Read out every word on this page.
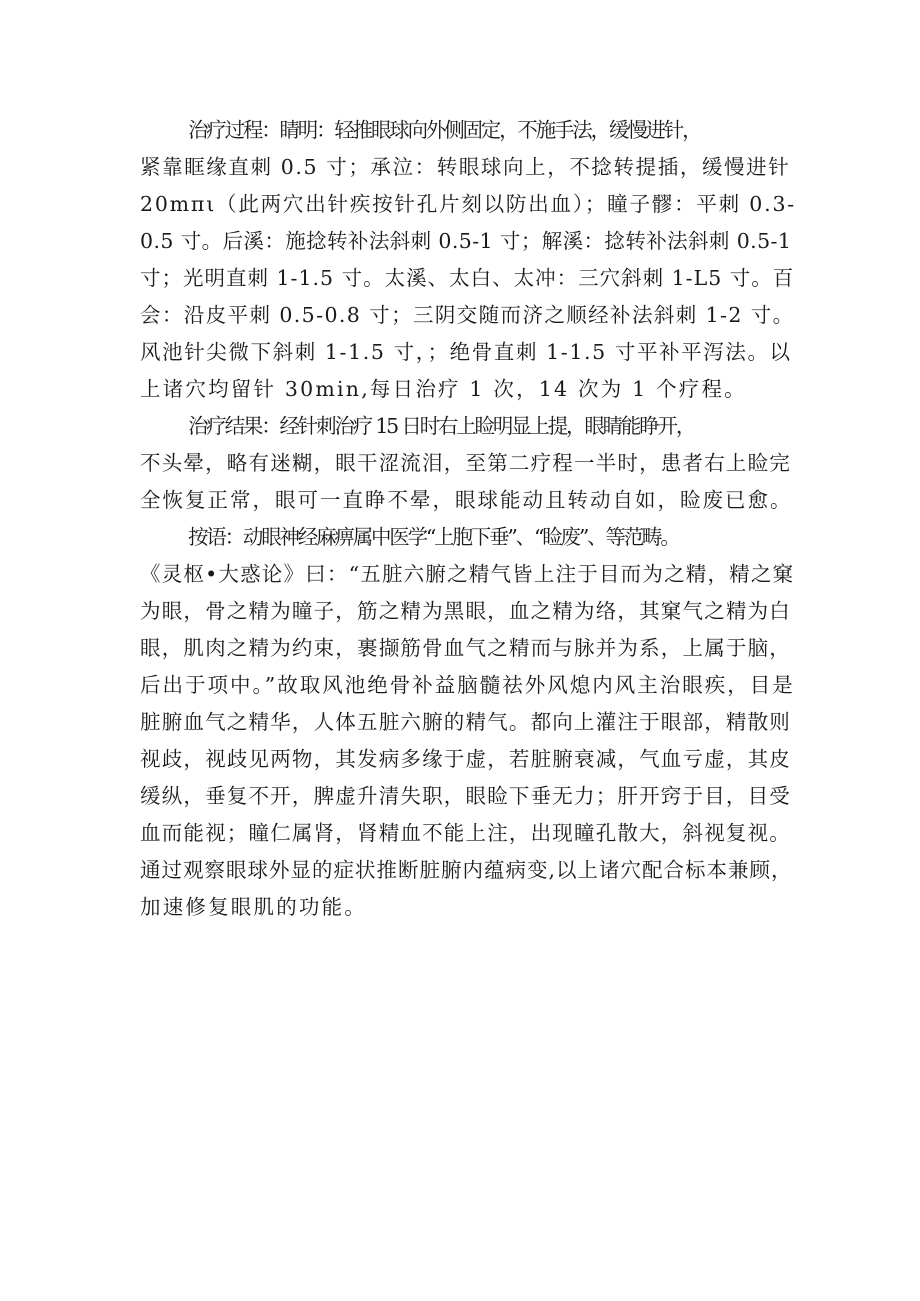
治疗过程：睛明：轻推眼球向外侧固定，不施手法，缓慢进针，
紧靠眶缘直刺 0.5 寸；承泣：转眼球向上，不捻转提插，缓慢进针
20mπι（此两穴出针疾按针孔片刻以防出血）；瞳子髎：平刺 0.3-
0.5 寸。后溪：施捻转补法斜刺 0.5-1 寸；解溪：捻转补法斜刺 0.5-1
寸；光明直刺 1-1.5 寸。太溪、太白、太冲：三穴斜刺 1-L5 寸。百
会：沿皮平刺 0.5-0.8 寸；三阴交随而济之顺经补法斜刺 1-2 寸。
风池针尖微下斜刺 1-1.5 寸，；绝骨直刺 1-1.5 寸平补平泻法。以
上诸穴均留针 30min,每日治疗 1 次，14 次为 1 个疗程。
治疗结果：经针刺治疗 15 日时右上睑明显上提，眼睛能睁开，
不头晕，略有迷糊，眼干涩流泪，至第二疗程一半时，患者右上睑完
全恢复正常，眼可一直睁不晕，眼球能动且转动自如，睑废已愈。
按语：动眼神经麻痹属中医学“上胞下垂”、“睑废”、等范畴。
《灵枢•大惑论》曰：“五脏六腑之精气皆上注于目而为之精，精之窠
为眼，骨之精为瞳子，筋之精为黑眼，血之精为络，其窠气之精为白
眼，肌肉之精为约束，裹撷筋骨血气之精而与脉并为系，上属于脑，
后出于项中。”故取风池绝骨补益脑髓祛外风熄内风主治眼疾，目是
脏腑血气之精华，人体五脏六腑的精气。都向上灌注于眼部，精散则
视歧，视歧见两物，其发病多缘于虚，若脏腑衰减，气血亏虚，其皮
缓纵，垂复不开，脾虚升清失职，眼睑下垂无力；肝开窍于目，目受
血而能视；瞳仁属肾，肾精血不能上注，出现瞳孔散大，斜视复视。
通过观察眼球外显的症状推断脏腑内蕴病变,以上诸穴配合标本兼顾，
加速修复眼肌的功能。
